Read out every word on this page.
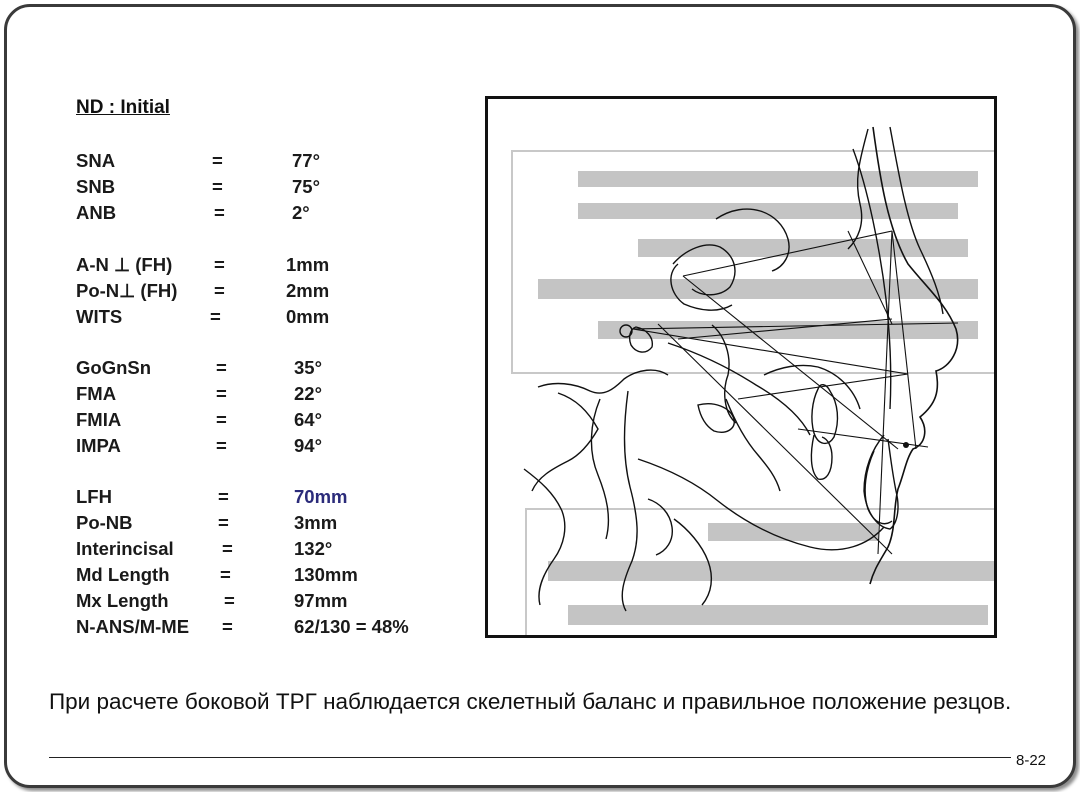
ND : Initial
SNA	=	77°
SNB	=	75°
ANB	=	2°
A-N ⊥ (FH) =	1mm
Po-N⊥ (FH) =	2mm
WITS	=	0mm
GoGnSn	=	35°
FMA	=	22°
FMIA	=	64°
IMPA	=	94°
LFH	=	70mm
Po-NB	=	3mm
Interincisal	=	132°
Md Length	=	130mm
Mx Length	=	97mm
N-ANS/M-ME =	62/130 = 48%
При расчете боковой ТРГ наблюдается скелетный баланс и правильное положение резцов.
8-22
